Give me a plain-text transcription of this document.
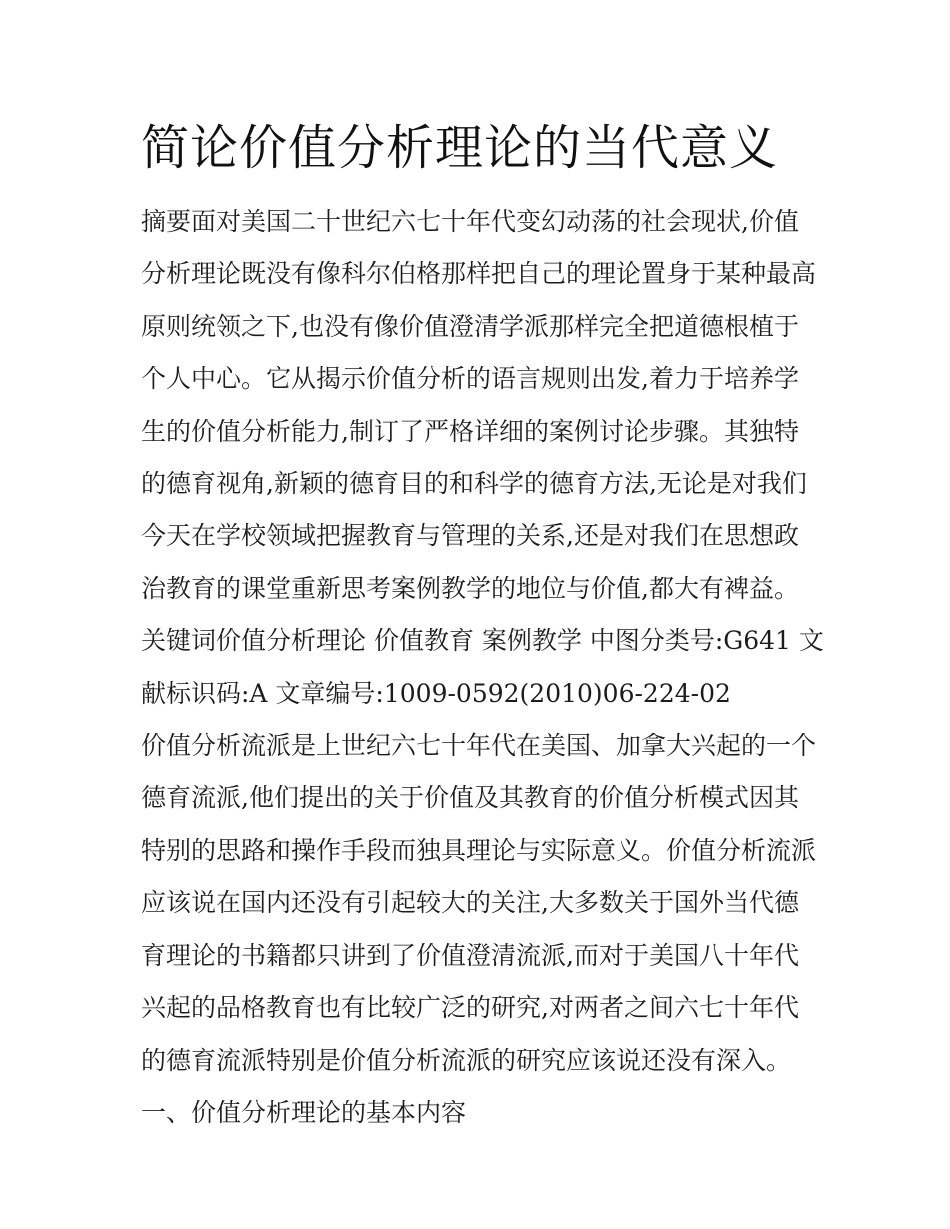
简论价值分析理论的当代意义
摘要面对美国二十世纪六七十年代变幻动荡的社会现状,价值
分析理论既没有像科尔伯格那样把自己的理论置身于某种最高
原则统领之下,也没有像价值澄清学派那样完全把道德根植于
个人中心。它从揭示价值分析的语言规则出发,着力于培养学
生的价值分析能力,制订了严格详细的案例讨论步骤。其独特
的德育视角,新颖的德育目的和科学的德育方法,无论是对我们
今天在学校领域把握教育与管理的关系,还是对我们在思想政
治教育的课堂重新思考案例教学的地位与价值,都大有裨益。
关键词价值分析理论 价值教育 案例教学 中图分类号:G641 文
献标识码:A 文章编号:1009-0592(2010)06-224-02
价值分析流派是上世纪六七十年代在美国、加拿大兴起的一个
德育流派,他们提出的关于价值及其教育的价值分析模式因其
特别的思路和操作手段而独具理论与实际意义。价值分析流派
应该说在国内还没有引起较大的关注,大多数关于国外当代德
育理论的书籍都只讲到了价值澄清流派,而对于美国八十年代
兴起的品格教育也有比较广泛的研究,对两者之间六七十年代
的德育流派特别是价值分析流派的研究应该说还没有深入。
一、价值分析理论的基本内容
